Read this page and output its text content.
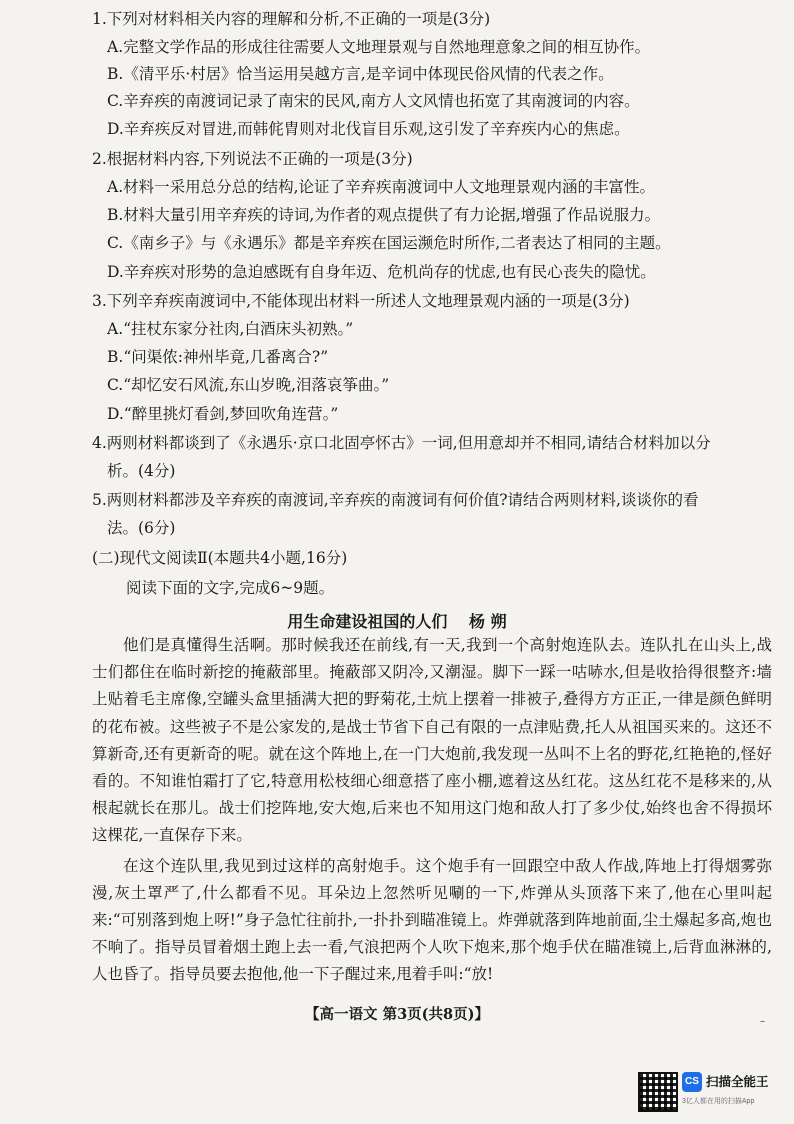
1.下列对材料相关内容的理解和分析,不正确的一项是(3分)
A.完整文学作品的形成往往需要人文地理景观与自然地理意象之间的相互协作。
B.《清平乐·村居》恰当运用吴越方言,是辛词中体现民俗风情的代表之作。
C.辛弃疾的南渡词记录了南宋的民风,南方人文风情也拓宽了其南渡词的内容。
D.辛弃疾反对冒进,而韩侂胄则对北伐盲目乐观,这引发了辛弃疾内心的焦虑。
2.根据材料内容,下列说法不正确的一项是(3分)
A.材料一采用总分总的结构,论证了辛弃疾南渡词中人文地理景观内涵的丰富性。
B.材料大量引用辛弃疾的诗词,为作者的观点提供了有力论据,增强了作品说服力。
C.《南乡子》与《永遇乐》都是辛弃疾在国运濒危时所作,二者表达了相同的主题。
D.辛弃疾对形势的急迫感既有自身年迈、危机尚存的忧虑,也有民心丧失的隐忧。
3.下列辛弃疾南渡词中,不能体现出材料一所述人文地理景观内涵的一项是(3分)
A.“拄杖东家分社肉,白酒床头初熟。”
B.“问渠侬:神州毕竟,几番离合?”
C.“却忆安石风流,东山岁晚,泪落哀筝曲。”
D.“醉里挑灯看剑,梦回吹角连营。”
4.两则材料都谈到了《永遇乐·京口北固亭怀古》一词,但用意却并不相同,请结合材料加以分
析。(4分)
5.两则材料都涉及辛弃疾的南渡词,辛弃疾的南渡词有何价值?请结合两则材料,谈谈你的看
法。(6分)
(二)现代文阅读Ⅱ(本题共4小题,16分)
阅读下面的文字,完成6~9题。
用生命建设祖国的人们 杨 朔

他们是真懂得生活啊。那时候我还在前线,有一天,我到一个高射炮连队去。连队扎在山头上,战士们都住在临时新挖的掩蔽部里。掩蔽部又阴冷,又潮湿。脚下一踩一咕哧水,但是收拾得很整齐:墙上贴着毛主席像,空罐头盒里插满大把的野菊花,土炕上摆着一排被子,叠得方方正正,一律是颜色鲜明的花布被。这些被子不是公家发的,是战士节省下自己有限的一点津贴费,托人从祖国买来的。这还不算新奇,还有更新奇的呢。就在这个阵地上,在一门大炮前,我发现一丛叫不上名的野花,红艳艳的,怪好看的。不知谁怕霜打了它,特意用松枝细心细意搭了座小棚,遮着这丛红花。这丛红花不是移来的,从根起就长在那儿。战士们挖阵地,安大炮,后来也不知用这门炮和敌人打了多少仗,始终也舍不得损坏这棵花,一直保存下来。

在这个连队里,我见到过这样的高射炮手。这个炮手有一回跟空中敌人作战,阵地上打得烟雾弥漫,灰土罩严了,什么都看不见。耳朵边上忽然听见唰的一下,炸弹从头顶落下来了,他在心里叫起来:“可别落到炮上呀!”身子急忙往前扑,一扑扑到瞄准镜上。炸弹就落到阵地前面,尘土爆起多高,炮也不响了。指导员冒着烟土跑上去一看,气浪把两个人吹下炮来,那个炮手伏在瞄准镜上,后背血淋淋的,人也昏了。指导员要去抱他,他一下子醒过来,甩着手叫:“放!

【高一语文 第3页(共8页)】	–
CS 扫描全能王
3亿人都在用的扫描App
